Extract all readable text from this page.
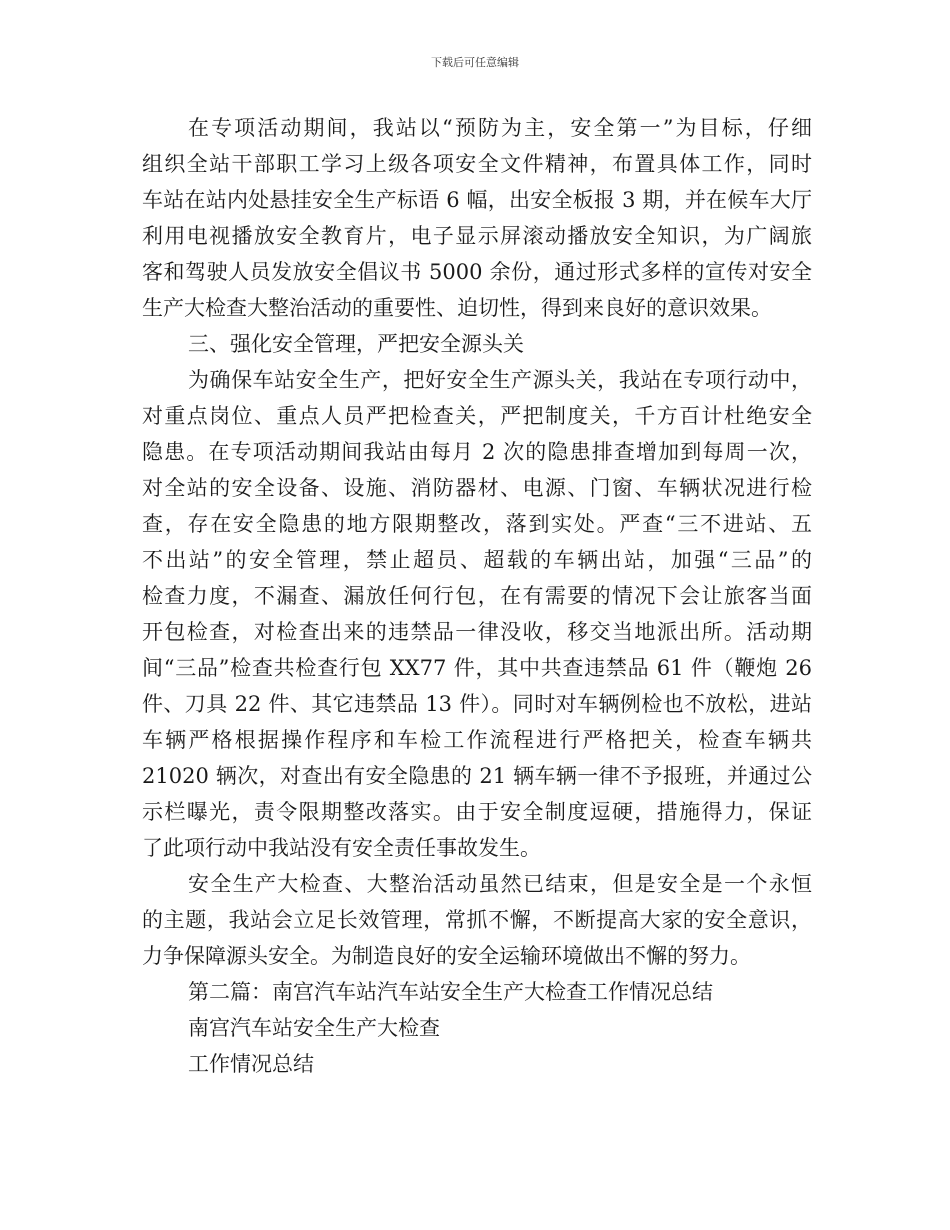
下载后可任意编辑
在专项活动期间，我站以“预防为主，安全第一”为目标，仔细
组织全站干部职工学习上级各项安全文件精神，布置具体工作，同时
车站在站内处悬挂安全生产标语 6 幅，出安全板报 3 期，并在候车大厅
利用电视播放安全教育片，电子显示屏滚动播放安全知识，为广阔旅
客和驾驶人员发放安全倡议书 5000 余份，通过形式多样的宣传对安全
生产大检查大整治活动的重要性、迫切性，得到来良好的意识效果。
三、强化安全管理，严把安全源头关
为确保车站安全生产，把好安全生产源头关，我站在专项行动中，
对重点岗位、重点人员严把检查关，严把制度关，千方百计杜绝安全
隐患。在专项活动期间我站由每月 2 次的隐患排查增加到每周一次，
对全站的安全设备、设施、消防器材、电源、门窗、车辆状况进行检
查，存在安全隐患的地方限期整改，落到实处。严查“三不进站、五
不出站”的安全管理，禁止超员、超载的车辆出站，加强“三品”的
检查力度，不漏查、漏放任何行包，在有需要的情况下会让旅客当面
开包检查，对检查出来的违禁品一律没收，移交当地派出所。活动期
间“三品”检查共检查行包 XX77 件，其中共查违禁品 61 件（鞭炮 26
件、刀具 22 件、其它违禁品 13 件）。同时对车辆例检也不放松，进站
车辆严格根据操作程序和车检工作流程进行严格把关，检查车辆共
21020 辆次，对查出有安全隐患的 21 辆车辆一律不予报班，并通过公
示栏曝光，责令限期整改落实。由于安全制度逗硬，措施得力，保证
了此项行动中我站没有安全责任事故发生。
安全生产大检查、大整治活动虽然已结束，但是安全是一个永恒
的主题，我站会立足长效管理，常抓不懈，不断提高大家的安全意识，
力争保障源头安全。为制造良好的安全运输环境做出不懈的努力。
第二篇：南宫汽车站汽车站安全生产大检查工作情况总结
南宫汽车站安全生产大检查
工作情况总结
